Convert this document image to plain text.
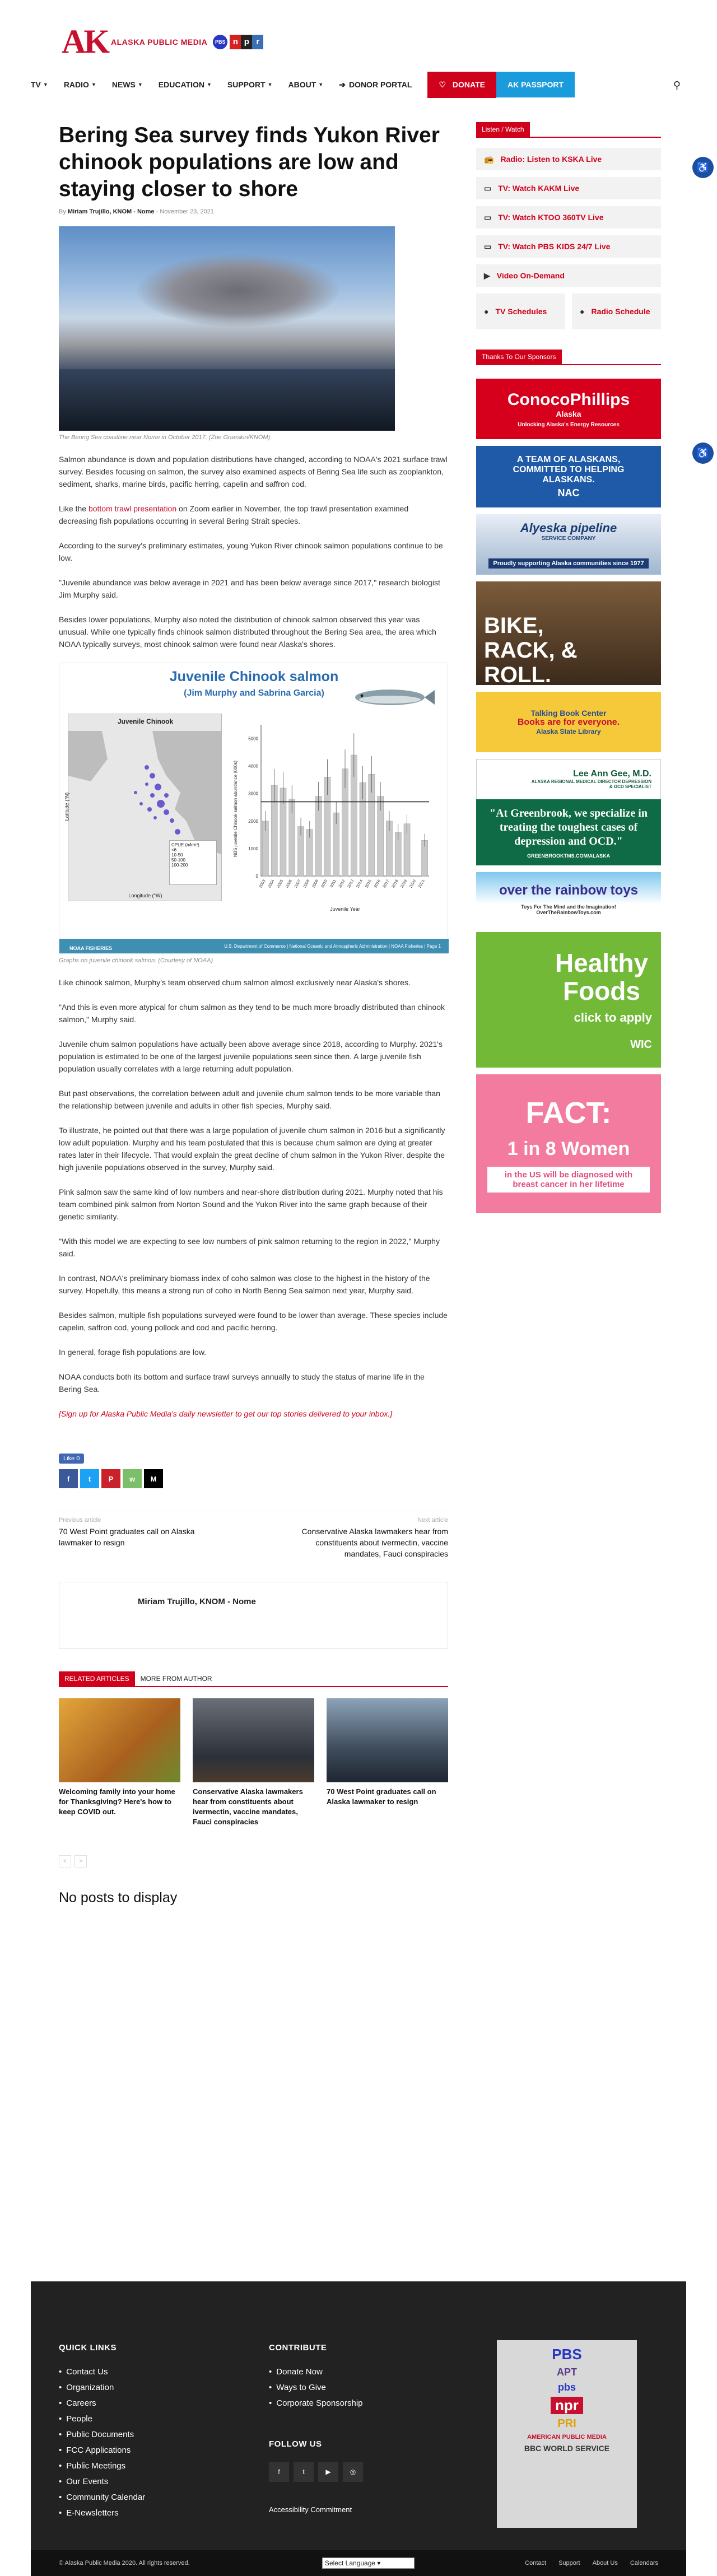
AK ALASKA PUBLIC MEDIA	PBS n p r
TV ▼ RADIO ▼ NEWS ▼ EDUCATION ▼ SUPPORT ▼ ABOUT ▼ ➔ DONOR PORTAL	♡
DONATE	AK PASSPORT	⚲
♿
♿
Bering Sea survey finds Yukon River chinook populations are low and staying closer to shore
By Miriam Trujillo, KNOM - Nome - November 23, 2021
The Bering Sea coastline near Nome in October 2017. (Zoe Grueskin/KNOM)

Salmon abundance is down and population distributions have changed, according to NOAA's 2021 surface trawl survey. Besides focusing on salmon, the survey also examined aspects of Bering Sea life such as zooplankton, sediment, sharks, marine birds, pacific herring, capelin and saffron cod.

Like the bottom trawl presentation on Zoom earlier in November, the top trawl presentation examined decreasing fish populations occurring in several Bering Strait species.

According to the survey's preliminary estimates, young Yukon River chinook salmon populations continue to be low.

"Juvenile abundance was below average in 2021 and has been below average since 2017," research biologist Jim Murphy said.

Besides lower populations, Murphy also noted the distribution of chinook salmon observed this year was unusual. While one typically finds chinook salmon distributed throughout the Bering Sea area, the area which NOAA typically surveys, most chinook salmon were found near Alaska's shores.

Juvenile Chinook salmon
(Jim Murphy and Sabrina Garcia)
Juvenile Chinook
CPUE (n/km²)
<6
10-50
50-100
100-200
Longitude (°W)
Latitude (°N)	NBS juvenile Chinook salmon abundance (000s)
Juvenile Year
0
1000
2000
3000
4000
5000
2003 2004 2005 2006 2007 2008 2009 2010 2011 2012 2013 2014 2015 2016 2017 2018 2019 2020 2021
NOAA FISHERIES	U.S. Department of Commerce | National Oceanic and Atmospheric Administration | NOAA Fisheries | Page 1
Graphs on juvenile chinook salmon. (Courtesy of NOAA)

Like chinook salmon, Murphy's team observed chum salmon almost exclusively near Alaska's shores.

"And this is even more atypical for chum salmon as they tend to be much more broadly distributed than chinook salmon," Murphy said.

Juvenile chum salmon populations have actually been above average since 2018, according to Murphy. 2021's population is estimated to be one of the largest juvenile populations seen since then. A large juvenile fish population usually correlates with a large returning adult population.

But past observations, the correlation between adult and juvenile chum salmon tends to be more variable than the relationship between juvenile and adults in other fish species, Murphy said.

To illustrate, he pointed out that there was a large population of juvenile chum salmon in 2016 but a significantly low adult population. Murphy and his team postulated that this is because chum salmon are dying at greater rates later in their lifecycle. That would explain the great decline of chum salmon in the Yukon River, despite the high juvenile populations observed in the survey, Murphy said.

Pink salmon saw the same kind of low numbers and near-shore distribution during 2021. Murphy noted that his team combined pink salmon from Norton Sound and the Yukon River into the same graph because of their genetic similarity.

"With this model we are expecting to see low numbers of pink salmon returning to the region in 2022," Murphy said.

In contrast, NOAA's preliminary biomass index of coho salmon was close to the highest in the history of the survey. Hopefully, this means a strong run of coho in North Bering Sea salmon next year, Murphy said.

Besides salmon, multiple fish populations surveyed were found to be lower than average. These species include capelin, saffron cod, young pollock and cod and pacific herring.

In general, forage fish populations are low.

NOAA conducts both its bottom and surface trawl surveys annually to study the status of marine life in the Bering Sea.

[Sign up for Alaska Public Media's daily newsletter to get our top stories delivered to your inbox.]
Like 0
f	t	P	w	M
Previous article
70 West Point graduates call on Alaska lawmaker to resign
Next article
Conservative Alaska lawmakers hear from constituents about ivermectin, vaccine mandates, Fauci conspiracies
Miriam Trujillo, KNOM - Nome
RELATED ARTICLES	MORE FROM AUTHOR
Welcoming family into your home for Thanksgiving? Here's how to keep COVID out.
Conservative Alaska lawmakers hear from constituents about ivermectin, vaccine mandates, Fauci conspiracies
70 West Point graduates call on Alaska lawmaker to resign
<	>
No posts to display
Listen / Watch
📻 Radio: Listen to KSKA Live
▭ TV: Watch KAKM Live
▭ TV: Watch KTOO 360TV Live
▭ TV: Watch PBS KIDS 24/7 Live
▶ Video On-Demand
● TV Schedules	● Radio Schedule
Thanks To Our Sponsors
ConocoPhillips
Alaska
Unlocking Alaska's Energy Resources
A TEAM OF ALASKANS, COMMITTED TO HELPING ALASKANS.
NAC
Alyeska pipeline
SERVICE COMPANY
Proudly supporting Alaska communities since 1977
BIKE, RACK, & ROLL.
Talking Book Center
Books are for everyone.
Alaska State Library
Lee Ann Gee, M.D.
ALASKA REGIONAL MEDICAL DIRECTOR DEPRESSION & OCD SPECIALIST
"At Greenbrook, we specialize in treating the toughest cases of depression and OCD."
GREENBROOKTMS.COM/ALASKA
over the rainbow toys
Toys For The Mind and the Imagination!
OverTheRainbowToys.com
Healthy Foods
click to apply
WIC
FACT:
1 in 8 Women
in the US will be diagnosed with breast cancer in her lifetime
QUICK LINKS
• Contact Us
• Organization
• Careers
• People
• Public Documents
• FCC Applications
• Public Meetings
• Our Events
• Community Calendar
• E-Newsletters
CONTRIBUTE
• Donate Now
• Ways to Give
• Corporate Sponsorship
FOLLOW US
f	t	▶	◎
Accessibility Commitment
PBS
APT
pbs
npr
PRI
AMERICAN PUBLIC MEDIA
BBC WORLD SERVICE
© Alaska Public Media 2020. All rights reserved.	Select Language ▾	Contact Support About Us Calendars
